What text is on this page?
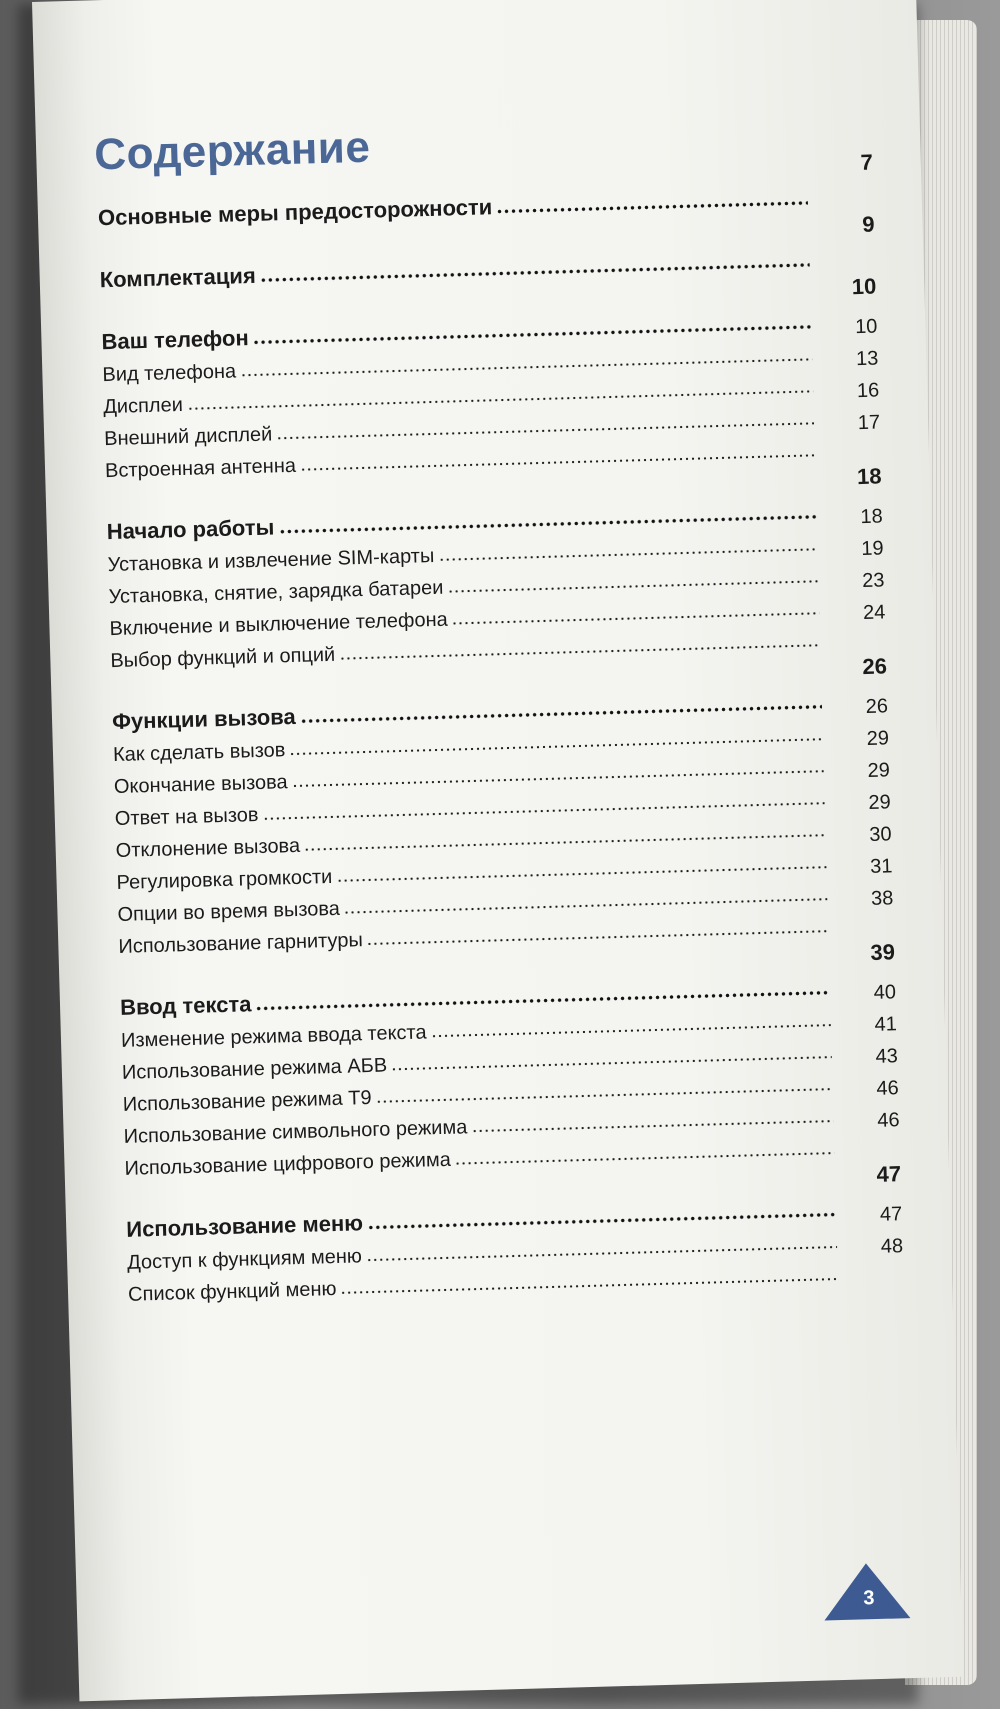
Содержание
Основные меры предосторожности
7
Комплектация
9
Ваш телефон
10
Вид телефона
10
Дисплеи
13
Внешний дисплей
16
Встроенная антенна
17
Начало работы
18
Установка и извлечение SIM-карты
18
Установка, снятие, зарядка батареи
19
Включение и выключение телефона
23
Выбор функций и опций
24
Функции вызова
26
Как сделать вызов
26
Окончание вызова
29
Ответ на вызов
29
Отклонение вызова
29
Регулировка громкости
30
Опции во время вызова
31
Использование гарнитуры
38
Ввод текста
39
Изменение режима ввода текста
40
Использование режима АБВ
41
Использование режима Т9
43
Использование символьного режима
46
Использование цифрового режима
46
Использование меню
47
Доступ к функциям меню
47
Список функций меню
48
3
